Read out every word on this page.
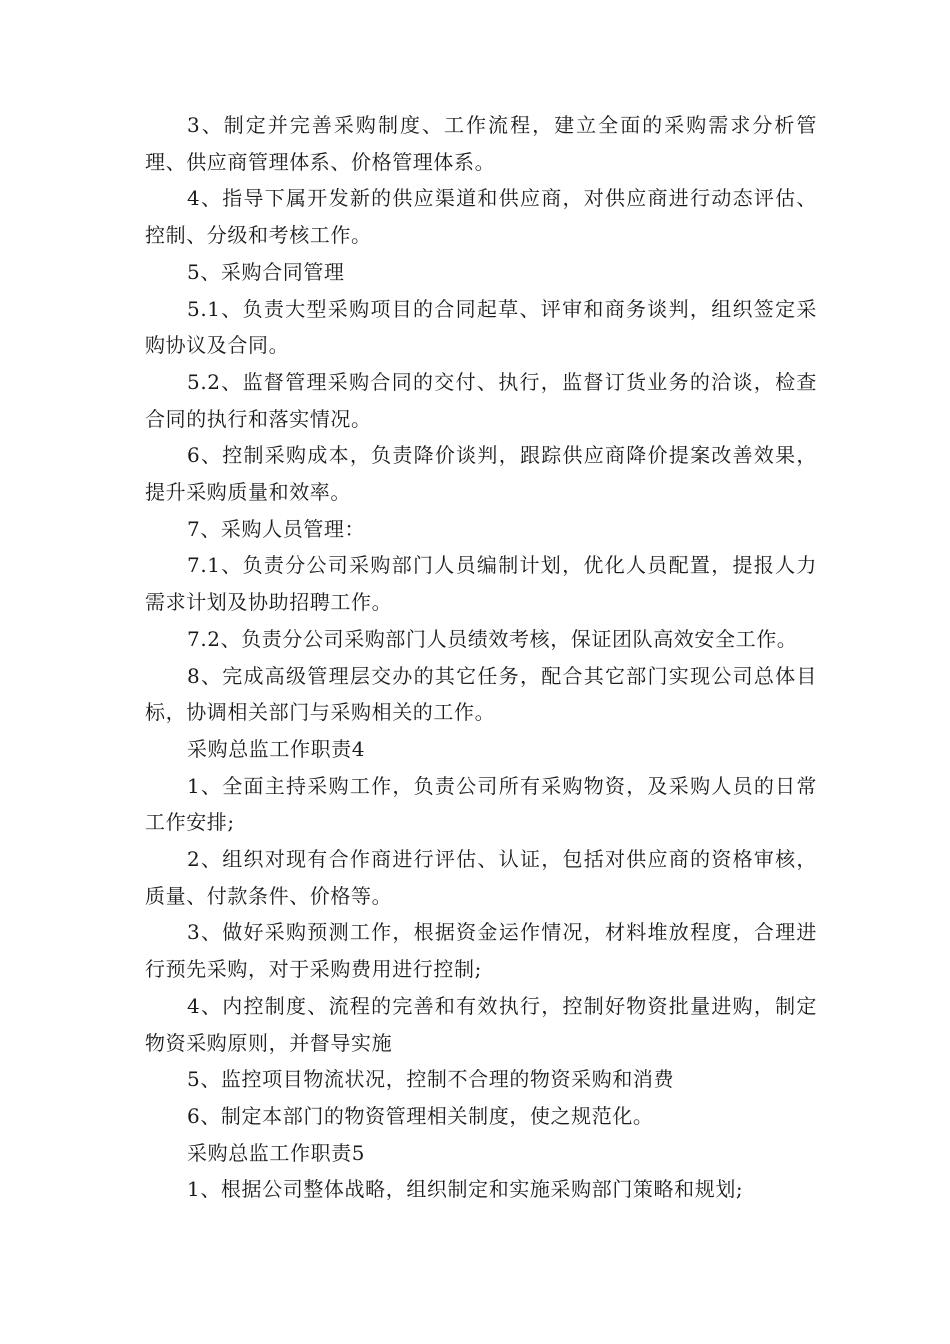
3、制定并完善采购制度、工作流程，建立全面的采购需求分析管理、供应商管理体系、价格管理体系。

4、指导下属开发新的供应渠道和供应商，对供应商进行动态评估、控制、分级和考核工作。

5、采购合同管理

5.1、负责大型采购项目的合同起草、评审和商务谈判，组织签定采购协议及合同。

5.2、监督管理采购合同的交付、执行，监督订货业务的洽谈，检查合同的执行和落实情况。

6、控制采购成本，负责降价谈判，跟踪供应商降价提案改善效果，提升采购质量和效率。

7、采购人员管理：

7.1、负责分公司采购部门人员编制计划，优化人员配置，提报人力需求计划及协助招聘工作。

7.2、负责分公司采购部门人员绩效考核，保证团队高效安全工作。

8、完成高级管理层交办的其它任务，配合其它部门实现公司总体目标，协调相关部门与采购相关的工作。

采购总监工作职责4

1、全面主持采购工作，负责公司所有采购物资，及采购人员的日常工作安排;

2、组织对现有合作商进行评估、认证，包括对供应商的资格审核，质量、付款条件、价格等。

3、做好采购预测工作，根据资金运作情况，材料堆放程度，合理进行预先采购，对于采购费用进行控制;

4、内控制度、流程的完善和有效执行，控制好物资批量进购，制定物资采购原则，并督导实施

5、监控项目物流状况，控制不合理的物资采购和消费

6、制定本部门的物资管理相关制度，使之规范化。

采购总监工作职责5

1、根据公司整体战略，组织制定和实施采购部门策略和规划;
